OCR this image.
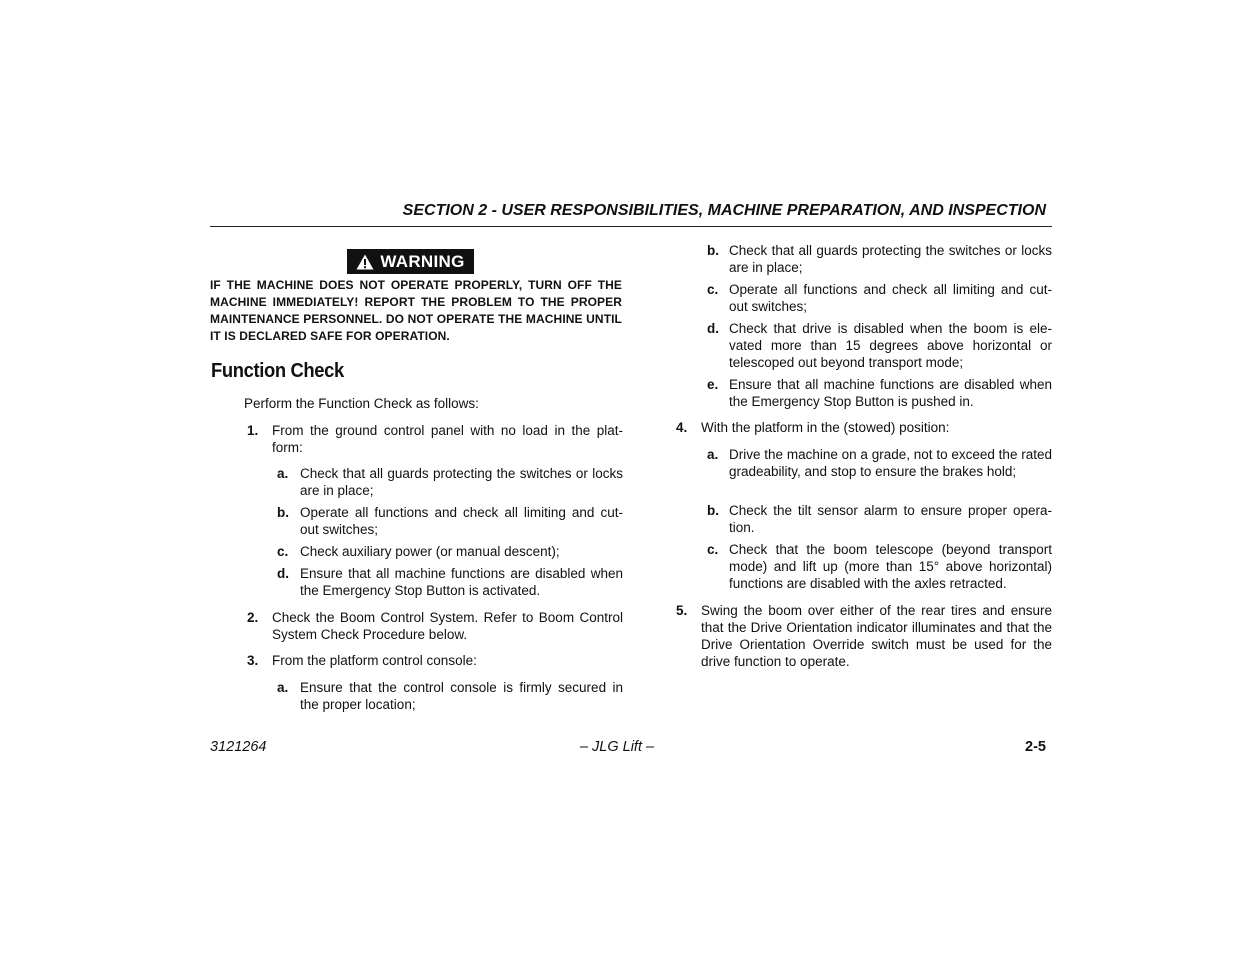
SECTION 2 - USER RESPONSIBILITIES, MACHINE PREPARATION, AND INSPECTION
WARNING
IF THE MACHINE DOES NOT OPERATE PROPERLY, TURN OFF THE MACHINE IMMEDIATELY! REPORT THE PROBLEM TO THE PROPER MAINTENANCE PERSONNEL. DO NOT OPERATE THE MACHINE UNTIL IT IS DECLARED SAFE FOR OPERATION.
Function Check
Perform the Function Check as follows:
1. From the ground control panel with no load in the plat-form:
a. Check that all guards protecting the switches or locks are in place;
b. Operate all functions and check all limiting and cut-out switches;
c. Check auxiliary power (or manual descent);
d. Ensure that all machine functions are disabled when the Emergency Stop Button is activated.
2. Check the Boom Control System. Refer to Boom Control System Check Procedure below.
3. From the platform control console:
a. Ensure that the control console is firmly secured in the proper location;
b. Check that all guards protecting the switches or locks are in place;
c. Operate all functions and check all limiting and cut-out switches;
d. Check that drive is disabled when the boom is ele-vated more than 15 degrees above horizontal or telescoped out beyond transport mode;
e. Ensure that all machine functions are disabled when the Emergency Stop Button is pushed in.
4. With the platform in the (stowed) position:
a. Drive the machine on a grade, not to exceed the rated gradeability, and stop to ensure the brakes hold;
b. Check the tilt sensor alarm to ensure proper opera-tion.
c. Check that the boom telescope (beyond transport mode) and lift up (more than 15° above horizontal) functions are disabled with the axles retracted.
5. Swing the boom over either of the rear tires and ensure that the Drive Orientation indicator illuminates and that the Drive Orientation Override switch must be used for the drive function to operate.
3121264	– JLG Lift –	2-5
